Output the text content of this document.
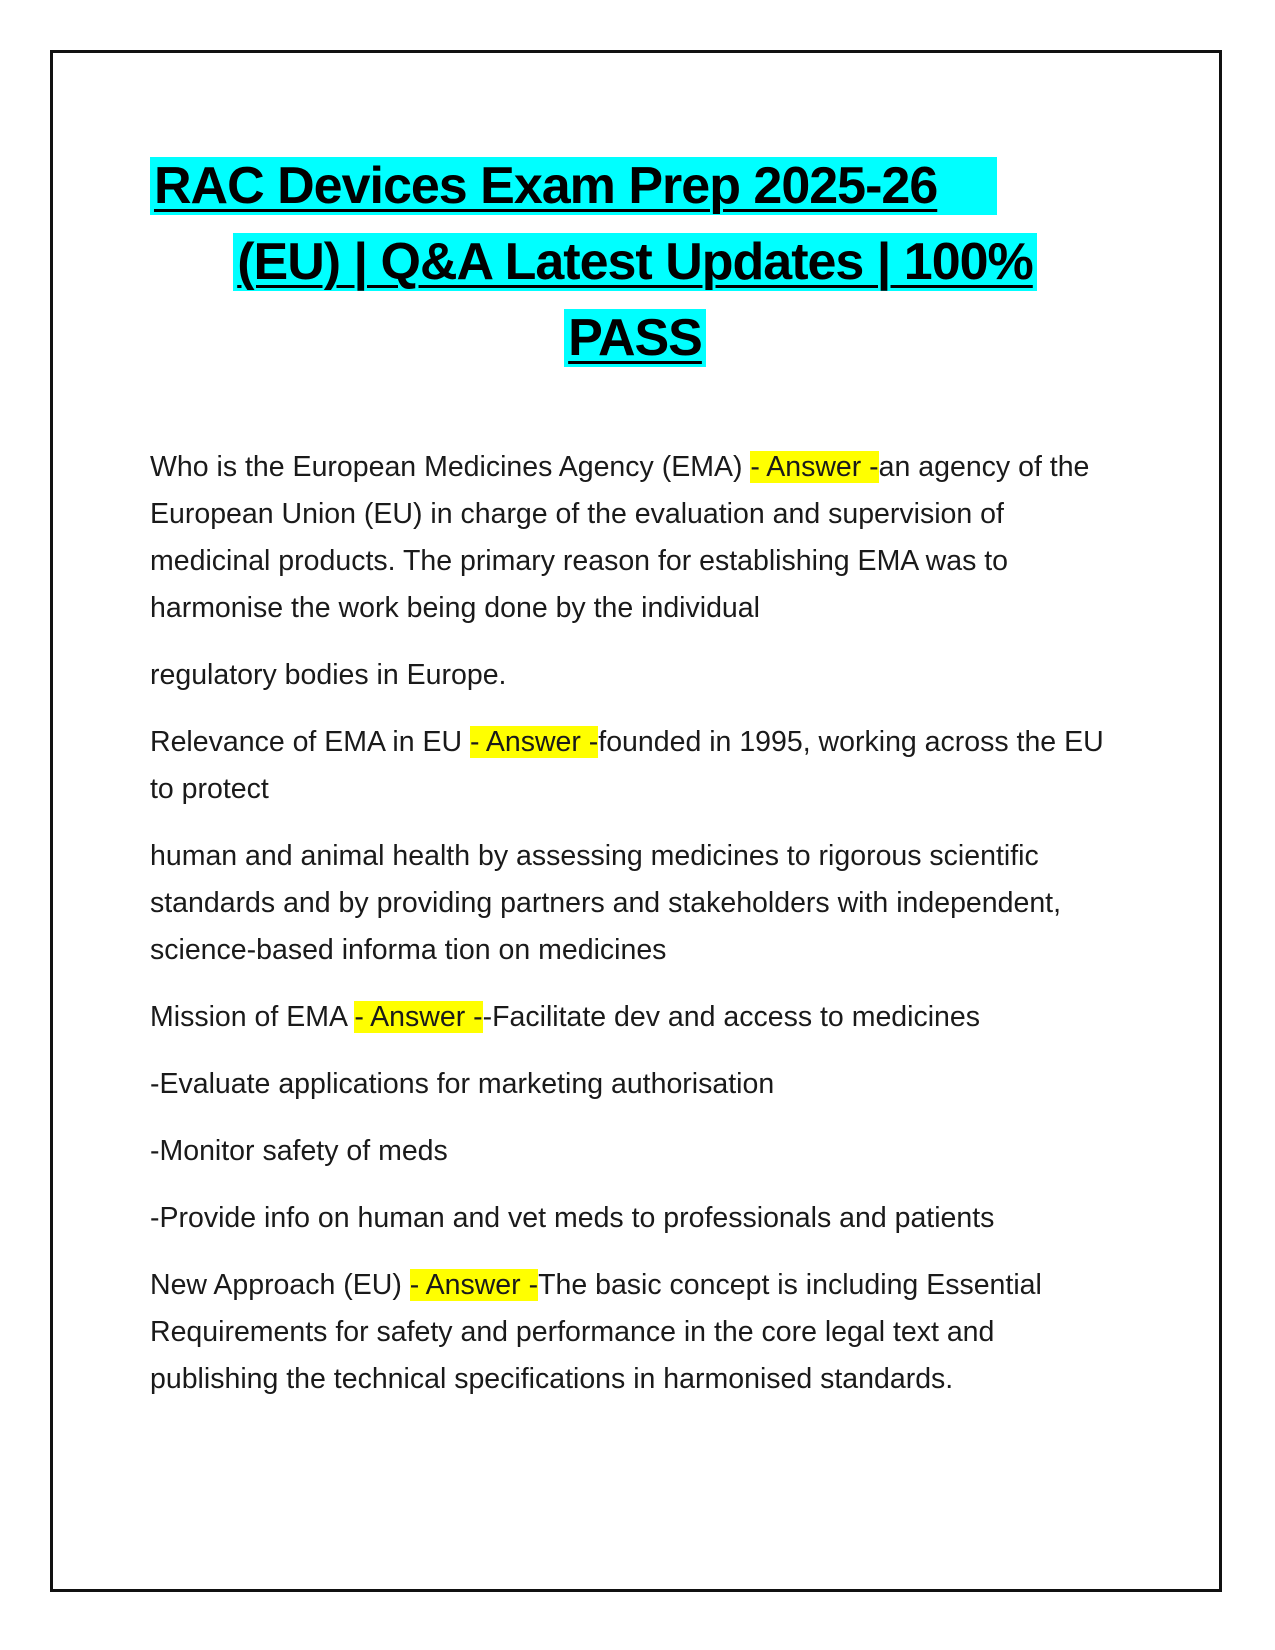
RAC Devices Exam Prep 2025-26
(EU) | Q&A Latest Updates | 100%
PASS

Who is the European Medicines Agency (EMA) - Answer -an agency of the European Union (EU) in charge of the evaluation and supervision of medicinal products. The primary reason for establishing EMA was to harmonise the work being done by the individual

regulatory bodies in Europe.

Relevance of EMA in EU - Answer -founded in 1995, working across the EU to protect

human and animal health by assessing medicines to rigorous scientific standards and by providing partners and stakeholders with independent, science-based informa tion on medicines

Mission of EMA - Answer --Facilitate dev and access to medicines

-Evaluate applications for marketing authorisation

-Monitor safety of meds

-Provide info on human and vet meds to professionals and patients

New Approach (EU) - Answer -The basic concept is including Essential Requirements for safety and performance in the core legal text and publishing the technical specifications in harmonised standards.
